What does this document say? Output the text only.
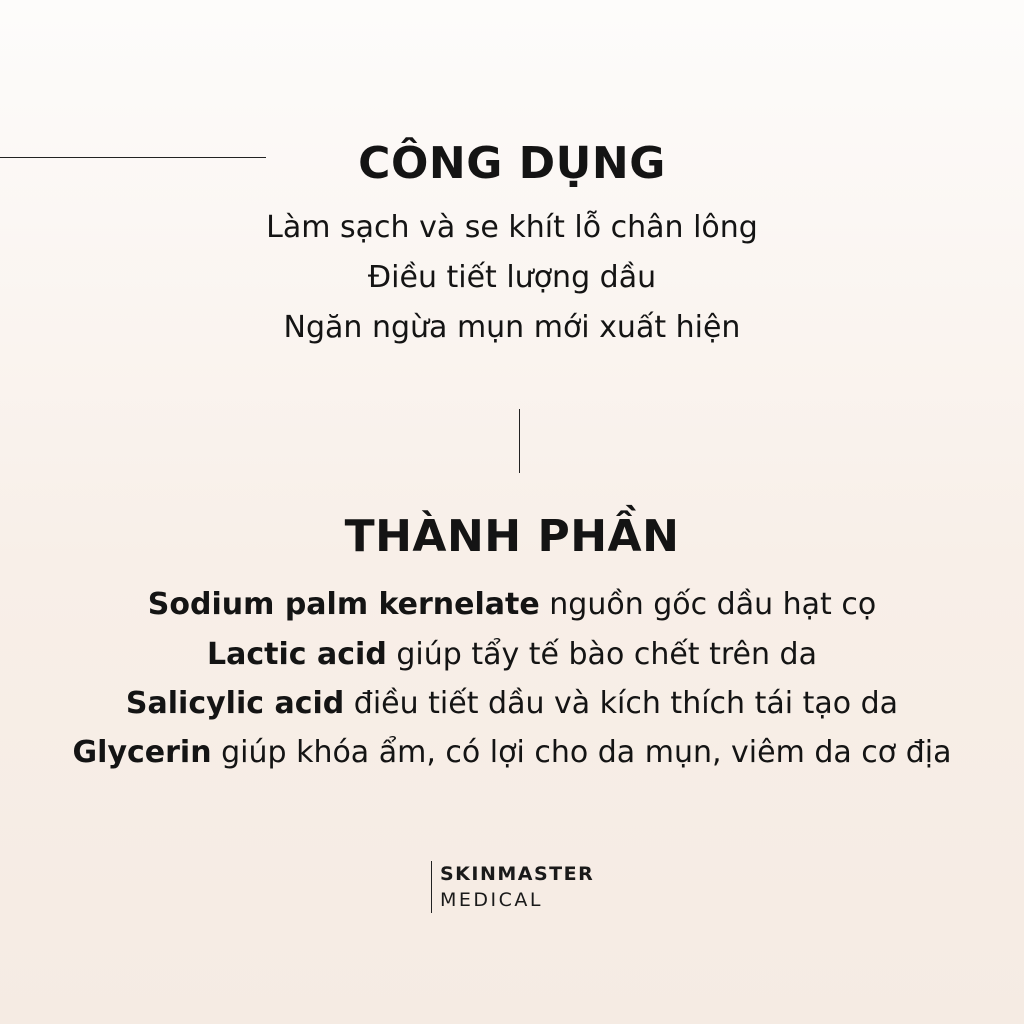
CÔNG DỤNG

Làm sạch và se khít lỗ chân lông

Điều tiết lượng dầu

Ngăn ngừa mụn mới xuất hiện

THÀNH PHẦN

Sodium palm kernelate nguồn gốc dầu hạt cọ

Lactic acid giúp tẩy tế bào chết trên da

Salicylic acid điều tiết dầu và kích thích tái tạo da

Glycerin giúp khóa ẩm, có lợi cho da mụn, viêm da cơ địa

SKINMASTER
MEDICAL
